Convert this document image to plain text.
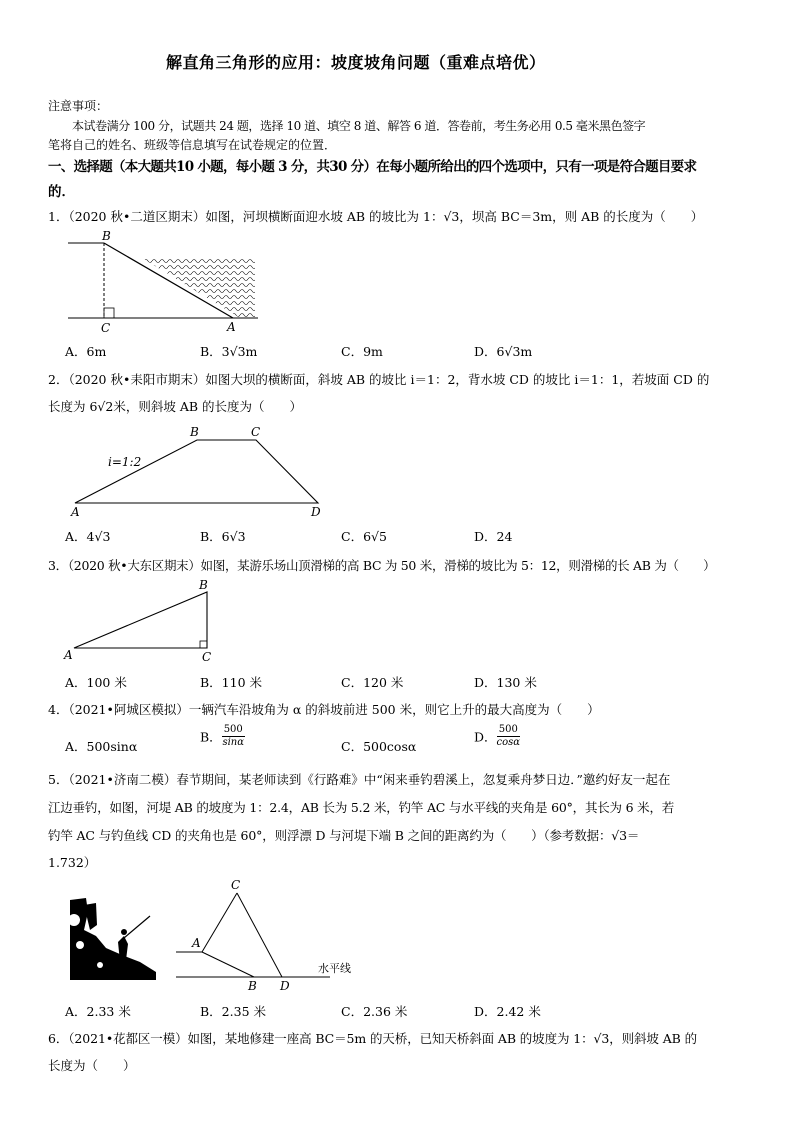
解直角三角形的应用：坡度坡角问题（重难点培优）
注意事项：
本试卷满分 100 分，试题共 24 题，选择 10 道、填空 8 道、解答 6 道．答卷前，考生务必用 0.5 毫米黑色签字
笔将自己的姓名、班级等信息填写在试卷规定的位置．
一、选择题（本大题共10 小题，每小题 3 分，共30 分）在每小题所给出的四个选项中，只有一项是符合题目要求
的．
1．（2020 秋•二道区期末）如图，河坝横断面迎水坡 AB 的坡比为 1：√3，坝高 BC＝3m，则 AB 的长度为（　　）
B
C	A
A．6m	B．3√3m	C．9m	D．6√3m
2．（2020 秋•耒阳市期末）如图大坝的横断面，斜坡 AB 的坡比 i＝1：2，背水坡 CD 的坡比 i＝1：1，若坡面 CD 的
长度为 6√2米，则斜坡 AB 的长度为（　　）
B	C
i=1:2
A	D
A．4√3	B．6√3	C．6√5	D．24
3．（2020 秋•大东区期末）如图，某游乐场山顶滑梯的高 BC 为 50 米，滑梯的坡比为 5：12，则滑梯的长 AB 为（　　）
B
A	C
A．100 米	B．110 米	C．120 米	D．130 米
4．（2021•阿城区模拟）一辆汽车沿坡角为 α 的斜坡前进 500 米，则它上升的最大高度为（　　）
A．500sinα
B． $\frac{500}{\sin\alpha}$	C．500cosα
D． $\frac{500}{\cos\alpha}$
5．（2021•济南二模）春节期间，某老师读到《行路难》中“闲来垂钓碧溪上，忽复乘舟梦日边．”邀约好友一起在
江边垂钓，如图，河堤 AB 的坡度为 1：2.4，AB 长为 5.2 米，钓竿 AC 与水平线的夹角是 60°，其长为 6 米，若
钓竿 AC 与钓鱼线 CD 的夹角也是 60°，则浮漂 D 与河堤下端 B 之间的距离约为（　　）（参考数据：√3＝
1.732）
C
A
B D
水平线
A．2.33 米	B．2.35 米	C．2.36 米	D．2.42 米
6．（2021•花都区一模）如图，某地修建一座高 BC＝5m 的天桥，已知天桥斜面 AB 的坡度为 1：√3，则斜坡 AB 的
长度为（　　）
